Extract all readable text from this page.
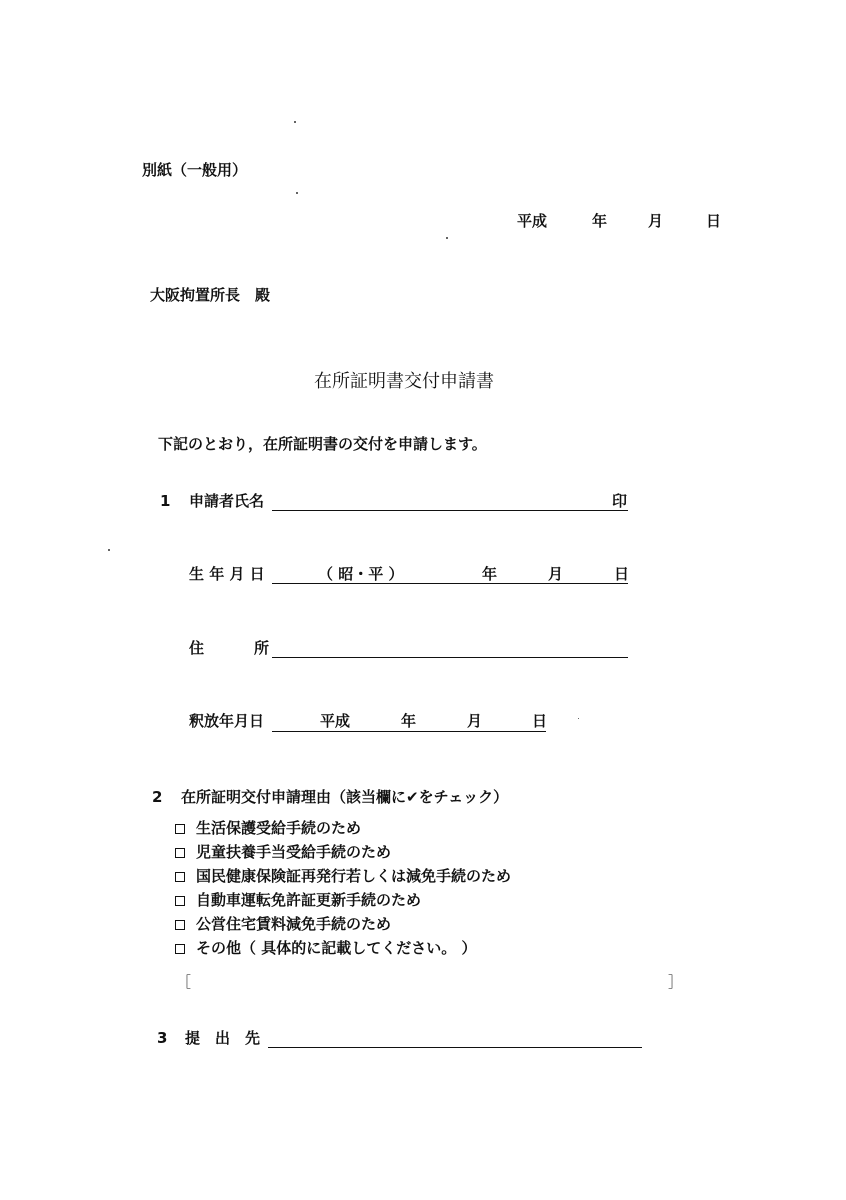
別紙（一般用）
平成	年	月	日
大阪拘置所長　殿
在所証明書交付申請書
下記のとおり，在所証明書の交付を申請します。
1 申請者氏名	印
生 年 月 日	（ 昭・平 ）	年	月	日
住	所
釈放年月日	平成	年	月	日
2 在所証明交付申請理由（該当欄に✔をチェック）
生活保護受給手続のため
児童扶養手当受給手続のため
国民健康保険証再発行若しくは減免手続のため
自動車運転免許証更新手続のため
公営住宅賃料減免手続のため
その他（ 具体的に記載してください。 ）
［	］
3 提　出　先
